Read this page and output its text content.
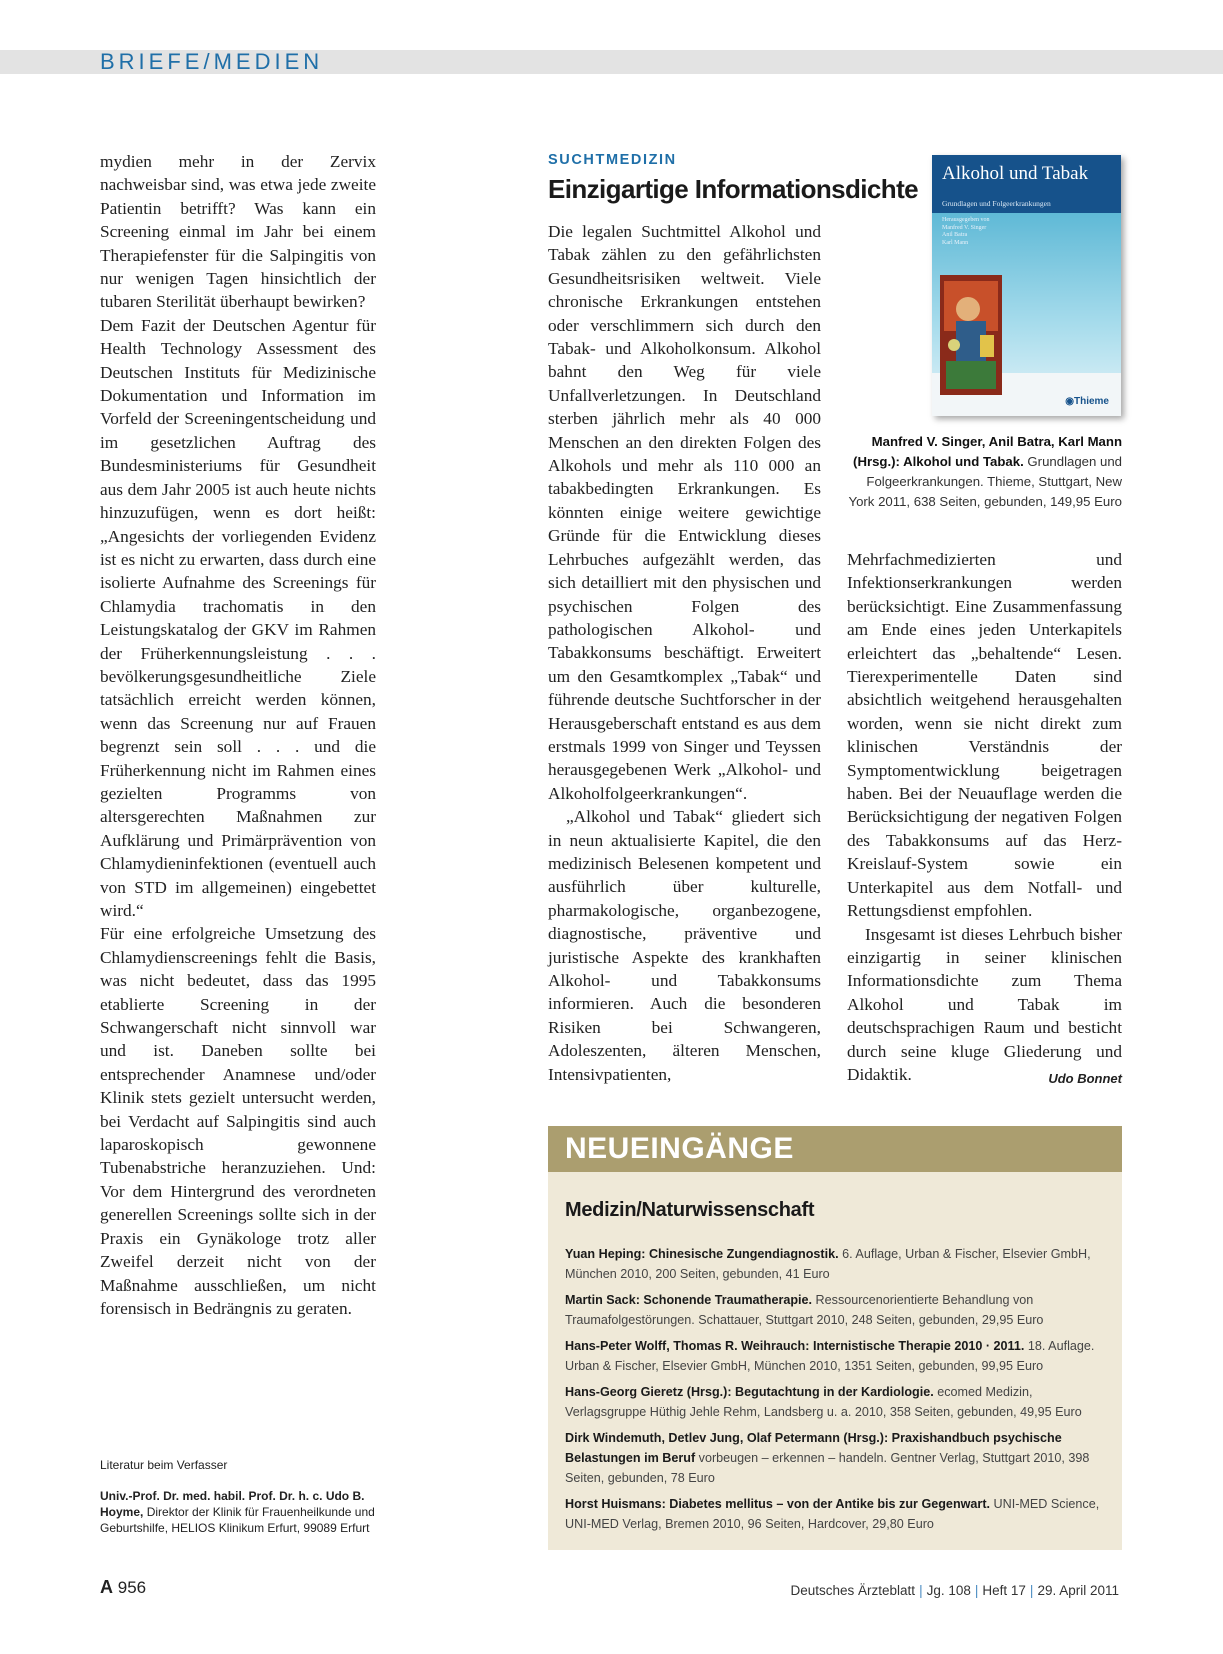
BRIEFE/MEDIEN

mydien mehr in der Zervix nachweisbar sind, was etwa jede zweite Patientin betrifft? Was kann ein Screening einmal im Jahr bei einem Therapiefenster für die Salpingitis von nur wenigen Tagen hinsichtlich der tubaren Sterilität überhaupt bewirken?

Dem Fazit der Deutschen Agentur für Health Technology Assessment des Deutschen Instituts für Medizinische Dokumentation und Information im Vorfeld der Screeningentscheidung und im gesetzlichen Auftrag des Bundesministeriums für Gesundheit aus dem Jahr 2005 ist auch heute nichts hinzuzufügen, wenn es dort heißt: „Angesichts der vorliegenden Evidenz ist es nicht zu erwarten, dass durch eine isolierte Aufnahme des Screenings für Chlamydia trachomatis in den Leistungskatalog der GKV im Rahmen der Früherkennungsleistung . . . bevölkerungsgesundheitliche Ziele tatsächlich erreicht werden können, wenn das Screenung nur auf Frauen begrenzt sein soll . . . und die Früherkennung nicht im Rahmen eines gezielten Programms von altersgerechten Maßnahmen zur Aufklärung und Primärprävention von Chlamydieninfektionen (eventuell auch von STD im allgemeinen) eingebettet wird.“

Für eine erfolgreiche Umsetzung des Chlamydienscreenings fehlt die Basis, was nicht bedeutet, dass das 1995 etablierte Screening in der Schwangerschaft nicht sinnvoll war und ist. Daneben sollte bei entsprechender Anamnese und/oder Klinik stets gezielt untersucht werden, bei Verdacht auf Salpingitis sind auch laparoskopisch gewonnene Tubenabstriche heranzuziehen. Und: Vor dem Hintergrund des verordneten generellen Screenings sollte sich in der Praxis ein Gynäkologe trotz aller Zweifel derzeit nicht von der Maßnahme ausschließen, um nicht forensisch in Bedrängnis zu geraten.

Literatur beim Verfasser
Univ.-Prof. Dr. med. habil. Prof. Dr. h. c. Udo B. Hoyme, Direktor der Klinik für Frauenheilkunde und Geburtshilfe, HELIOS Klinikum Erfurt, 99089 Erfurt
SUCHTMEDIZIN
Einzigartige Informationsdichte

Die legalen Suchtmittel Alkohol und Tabak zählen zu den gefährlichsten Gesundheitsrisiken weltweit. Viele chronische Erkrankungen entstehen oder verschlimmern sich durch den Tabak- und Alkoholkonsum. Alkohol bahnt den Weg für viele Unfallverletzungen. In Deutschland sterben jährlich mehr als 40 000 Menschen an den direkten Folgen des Alkohols und mehr als 110 000 an tabakbedingten Erkrankungen. Es könnten einige weitere gewichtige Gründe für die Entwicklung dieses Lehrbuches aufgezählt werden, das sich detailliert mit den physischen und psychischen Folgen des pathologischen Alkohol- und Tabakkonsums beschäftigt. Erweitert um den Gesamtkomplex „Tabak“ und führende deutsche Suchtforscher in der Herausgeberschaft entstand es aus dem erstmals 1999 von Singer und Teyssen herausgegebenen Werk „Alkohol- und Alkoholfolgeerkrankungen“.

„Alkohol und Tabak“ gliedert sich in neun aktualisierte Kapitel, die den medizinisch Belesenen kompetent und ausführlich über kulturelle, pharmakologische, organbezogene, diagnostische, präventive und juristische Aspekte des krankhaften Alkohol- und Tabakkonsums informieren. Auch die besonderen Risiken bei Schwangeren, Adoleszenten, älteren Menschen, Intensivpatienten,

Mehrfachmedizierten und Infektionserkrankungen werden berücksichtigt. Eine Zusammenfassung am Ende eines jeden Unterkapitels erleichtert das „behaltende“ Lesen. Tierexperimentelle Daten sind absichtlich weitgehend herausgehalten worden, wenn sie nicht direkt zum klinischen Verständnis der Symptomentwicklung beigetragen haben. Bei der Neuauflage werden die Berücksichtigung der negativen Folgen des Tabakkonsums auf das Herz-Kreislauf-System sowie ein Unterkapitel aus dem Notfall- und Rettungsdienst empfohlen.

Insgesamt ist dieses Lehrbuch bisher einzigartig in seiner klinischen Informationsdichte zum Thema Alkohol und Tabak im deutschsprachigen Raum und besticht durch seine kluge Gliederung und Didaktik.	Udo Bonnet

Alkohol und Tabak
Grundlagen und Folgeerkrankungen
Herausgegeben von
Manfred V. Singer
Anil Batra
Karl Mann
◉Thieme
Manfred V. Singer, Anil Batra, Karl Mann (Hrsg.): Alkohol und Tabak. Grundlagen und Folgeerkrankungen. Thieme, Stuttgart, New York 2011, 638 Seiten, gebunden, 149,95 Euro
NEUEINGÄNGE
Medizin/Naturwissenschaft
Yuan Heping: Chinesische Zungendiagnostik. 6. Auflage, Urban & Fischer, Elsevier GmbH, München 2010, 200 Seiten, gebunden, 41 Euro
Martin Sack: Schonende Traumatherapie. Ressourcenorientierte Behandlung von Traumafolgestörungen. Schattauer, Stuttgart 2010, 248 Seiten, gebunden, 29,95 Euro
Hans-Peter Wolff, Thomas R. Weihrauch: Internistische Therapie 2010 · 2011. 18. Auflage. Urban & Fischer, Elsevier GmbH, München 2010, 1351 Seiten, gebunden, 99,95 Euro
Hans-Georg Gieretz (Hrsg.): Begutachtung in der Kardiologie. ecomed Medizin, Verlagsgruppe Hüthig Jehle Rehm, Landsberg u. a. 2010, 358 Seiten, gebunden, 49,95 Euro
Dirk Windemuth, Detlev Jung, Olaf Petermann (Hrsg.): Praxishandbuch psychische Belastungen im Beruf vorbeugen – erkennen – handeln. Gentner Verlag, Stuttgart 2010, 398 Seiten, gebunden, 78 Euro
Horst Huismans: Diabetes mellitus – von der Antike bis zur Gegenwart. UNI-MED Science, UNI-MED Verlag, Bremen 2010, 96 Seiten, Hardcover, 29,80 Euro
A 956	Deutsches Ärzteblatt | Jg. 108 | Heft 17 | 29. April 2011
